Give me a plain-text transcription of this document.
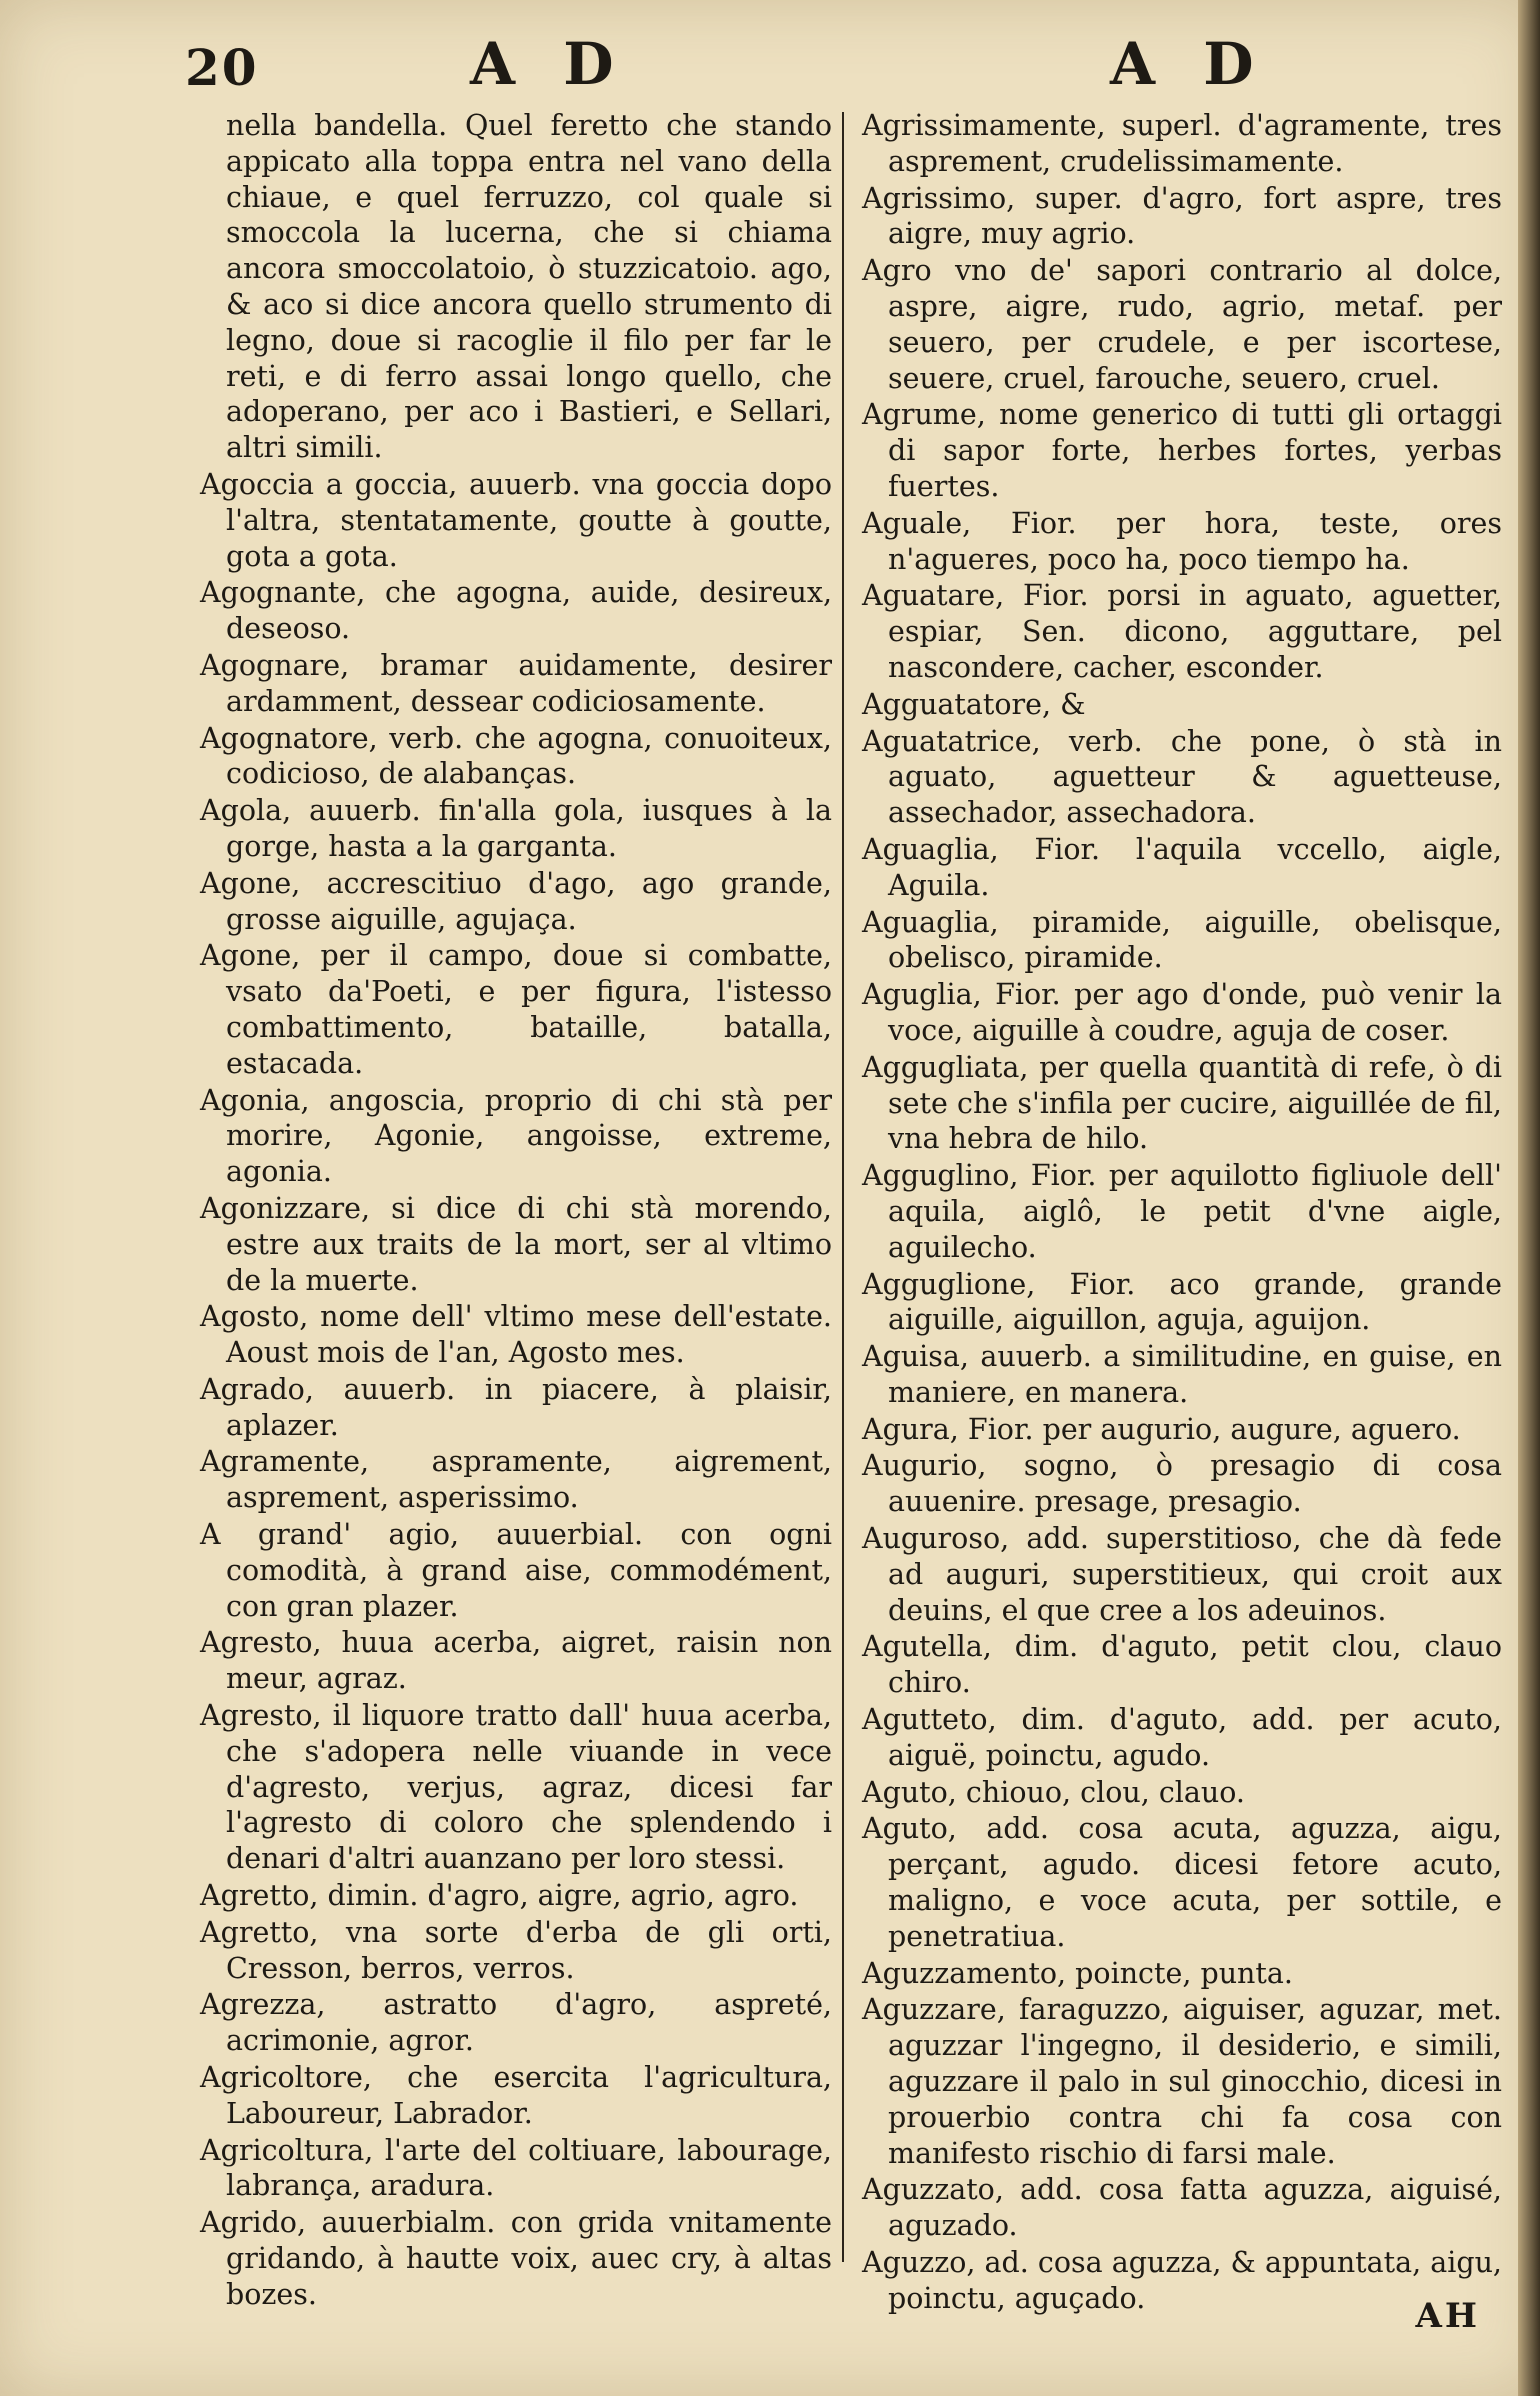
20	A D	A D

nella bandella. Quel feretto che stando appicato alla toppa entra nel vano della chiaue, e quel ferruzzo, col quale si smoccola la lucerna, che si chiama ancora smoccolatoio, ò stuzzicatoio. ago, & aco si dice ancora quello strumento di legno, doue si racoglie il filo per far le reti, e di ferro assai longo quello, che adoperano, per aco i Bastieri, e Sellari, altri simili.

Agoccia a goccia, auuerb. vna goccia dopo l'altra, stentatamente, goutte à goutte, gota a gota.

Agognante, che agogna, auide, desireux, deseoso.

Agognare, bramar auidamente, desirer ardamment, dessear codiciosamente.

Agognatore, verb. che agogna, conuoiteux, codicioso, de alabanças.

Agola, auuerb. fin'alla gola, iusques à la gorge, hasta a la garganta.

Agone, accrescitiuo d'ago, ago grande, grosse aiguille, agujaça.

Agone, per il campo, doue si combatte, vsato da'Poeti, e per figura, l'istesso combattimento, bataille, batalla, estacada.

Agonia, angoscia, proprio di chi stà per morire, Agonie, angoisse, extreme, agonia.

Agonizzare, si dice di chi stà morendo, estre aux traits de la mort, ser al vltimo de la muerte.

Agosto, nome dell' vltimo mese dell'estate. Aoust mois de l'an, Agosto mes.

Agrado, auuerb. in piacere, à plaisir, aplazer.

Agramente, aspramente, aigrement, asprement, asperissimo.

A grand' agio, auuerbial. con ogni comodità, à grand aise, commodément, con gran plazer.

Agresto, huua acerba, aigret, raisin non meur, agraz.

Agresto, il liquore tratto dall' huua acerba, che s'adopera nelle viuande in vece d'agresto, verjus, agraz, dicesi far l'agresto di coloro che splendendo i denari d'altri auanzano per loro stessi.

Agretto, dimin. d'agro, aigre, agrio, agro.

Agretto, vna sorte d'erba de gli orti, Cresson, berros, verros.

Agrezza, astratto d'agro, aspreté, acrimonie, agror.

Agricoltore, che esercita l'agricultura, Laboureur, Labrador.

Agricoltura, l'arte del coltiuare, labourage, labrança, aradura.

Agrido, auuerbialm. con grida vnitamente gridando, à hautte voix, auec cry, à altas bozes.

Agrissimamente, superl. d'agramente, tres asprement, crudelissimamente.

Agrissimo, super. d'agro, fort aspre, tres aigre, muy agrio.

Agro vno de' sapori contrario al dolce, aspre, aigre, rudo, agrio, metaf. per seuero, per crudele, e per iscortese, seuere, cruel, farouche, seuero, cruel.

Agrume, nome generico di tutti gli ortaggi di sapor forte, herbes fortes, yerbas fuertes.

Aguale, Fior. per hora, teste, ores n'agueres, poco ha, poco tiempo ha.

Aguatare, Fior. porsi in aguato, aguetter, espiar, Sen. dicono, agguttare, pel nascondere, cacher, esconder.

Agguatatore, &

Aguatatrice, verb. che pone, ò stà in aguato, aguetteur & aguetteuse, assechador, assechadora.

Aguaglia, Fior. l'aquila vccello, aigle, Aguila.

Aguaglia, piramide, aiguille, obelisque, obelisco, piramide.

Aguglia, Fior. per ago d'onde, può venir la voce, aiguille à coudre, aguja de coser.

Aggugliata, per quella quantità di refe, ò di sete che s'infila per cucire, aiguillée de fil, vna hebra de hilo.

Agguglino, Fior. per aquilotto figliuole dell' aquila, aiglô, le petit d'vne aigle, aguilecho.

Agguglione, Fior. aco grande, grande aiguille, aiguillon, aguja, aguijon.

Aguisa, auuerb. a similitudine, en guise, en maniere, en manera.

Agura, Fior. per augurio, augure, aguero.

Augurio, sogno, ò presagio di cosa auuenire. presage, presagio.

Auguroso, add. superstitioso, che dà fede ad auguri, superstitieux, qui croit aux deuins, el que cree a los adeuinos.

Agutella, dim. d'aguto, petit clou, clauo chiro.

Agutteto, dim. d'aguto, add. per acuto, aiguë, poinctu, agudo.

Aguto, chiouo, clou, clauo.

Aguto, add. cosa acuta, aguzza, aigu, perçant, agudo. dicesi fetore acuto, maligno, e voce acuta, per sottile, e penetratiua.

Aguzzamento, poincte, punta.

Aguzzare, faraguzzo, aiguiser, aguzar, met. aguzzar l'ingegno, il desiderio, e simili, aguzzare il palo in sul ginocchio, dicesi in prouerbio contra chi fa cosa con manifesto rischio di farsi male.

Aguzzato, add. cosa fatta aguzza, aiguisé, aguzado.

Aguzzo, ad. cosa aguzza, & appuntata, aigu, poinctu, aguçado.	AH
